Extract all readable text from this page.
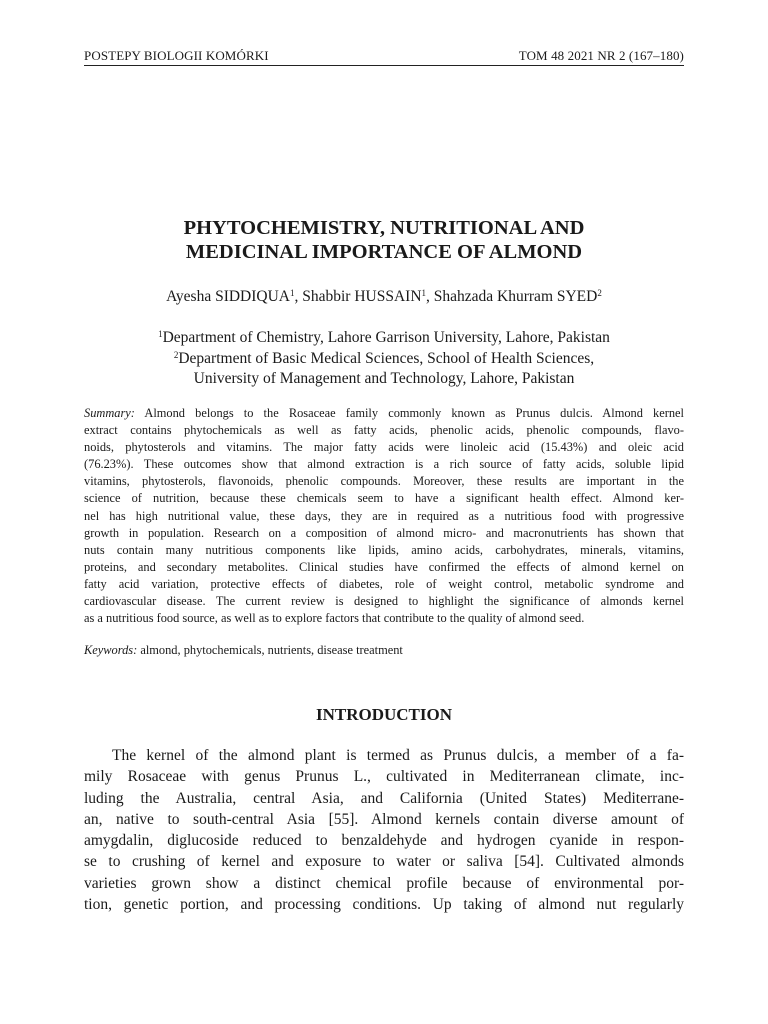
POSTEPY BIOLOGII KOMÓRKI	TOM 48 2021 NR 2 (167–180)
PHYTOCHEMISTRY, NUTRITIONAL AND
MEDICINAL IMPORTANCE OF ALMOND
Ayesha SIDDIQUA$^1$, Shabbir HUSSAIN$^1$, Shahzada Khurram SYED$^2$
$^1$Department of Chemistry, Lahore Garrison University, Lahore, Pakistan
$^2$Department of Basic Medical Sciences, School of Health Sciences,
University of Management and Technology, Lahore, Pakistan
Summary: Almond belongs to the Rosaceae family commonly known as Prunus dulcis. Almond kernel
extract contains phytochemicals as well as fatty acids, phenolic acids, phenolic compounds, flavo-
noids, phytosterols and vitamins. The major fatty acids were linoleic acid (15.43%) and oleic acid
(76.23%). These outcomes show that almond extraction is a rich source of fatty acids, soluble lipid
vitamins, phytosterols, flavonoids, phenolic compounds. Moreover, these results are important in the
science of nutrition, because these chemicals seem to have a significant health effect. Almond ker-
nel has high nutritional value, these days, they are in required as a nutritious food with progressive
growth in population. Research on a composition of almond micro- and macronutrients has shown that
nuts contain many nutritious components like lipids, amino acids, carbohydrates, minerals, vitamins,
proteins, and secondary metabolites. Clinical studies have confirmed the effects of almond kernel on
fatty acid variation, protective effects of diabetes, role of weight control, metabolic syndrome and
cardiovascular disease. The current review is designed to highlight the significance of almonds kernel
as a nutritious food source, as well as to explore factors that contribute to the quality of almond seed.
Keywords: almond, phytochemicals, nutrients, disease treatment
INTRODUCTION
The kernel of the almond plant is termed as Prunus dulcis, a member of a fa-
mily Rosaceae with genus Prunus L., cultivated in Mediterranean climate, inc-
luding the Australia, central Asia, and California (United States) Mediterrane-
an, native to south-central Asia [55]. Almond kernels contain diverse amount of
amygdalin, diglucoside reduced to benzaldehyde and hydrogen cyanide in respon-
se to crushing of kernel and exposure to water or saliva [54]. Cultivated almonds
varieties grown show a distinct chemical profile because of environmental por-
tion, genetic portion, and processing conditions. Up taking of almond nut regularly
